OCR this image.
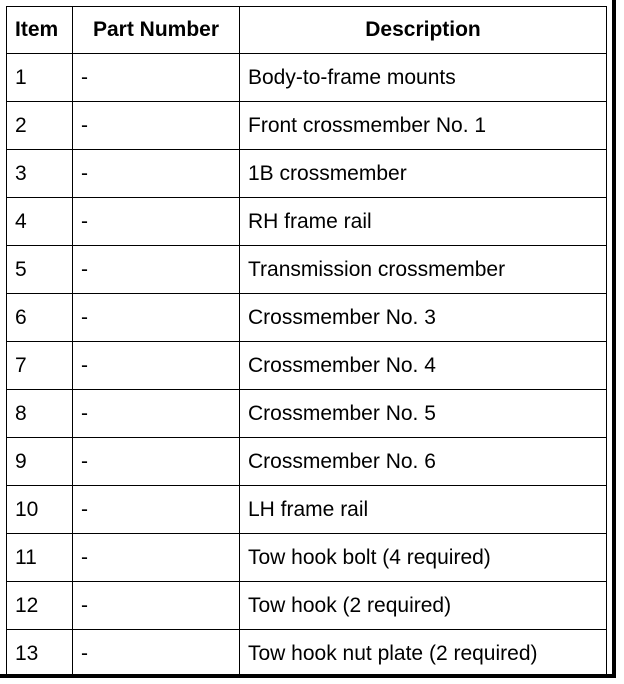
Item	Part Number	Description
1	-	Body-to-frame mounts
2	-	Front crossmember No. 1
3	-	1B crossmember
4	-	RH frame rail
5	-	Transmission crossmember
6	-	Crossmember No. 3
7	-	Crossmember No. 4
8	-	Crossmember No. 5
9	-	Crossmember No. 6
10	-	LH frame rail
11	-	Tow hook bolt (4 required)
12	-	Tow hook (2 required)
13	-	Tow hook nut plate (2 required)
